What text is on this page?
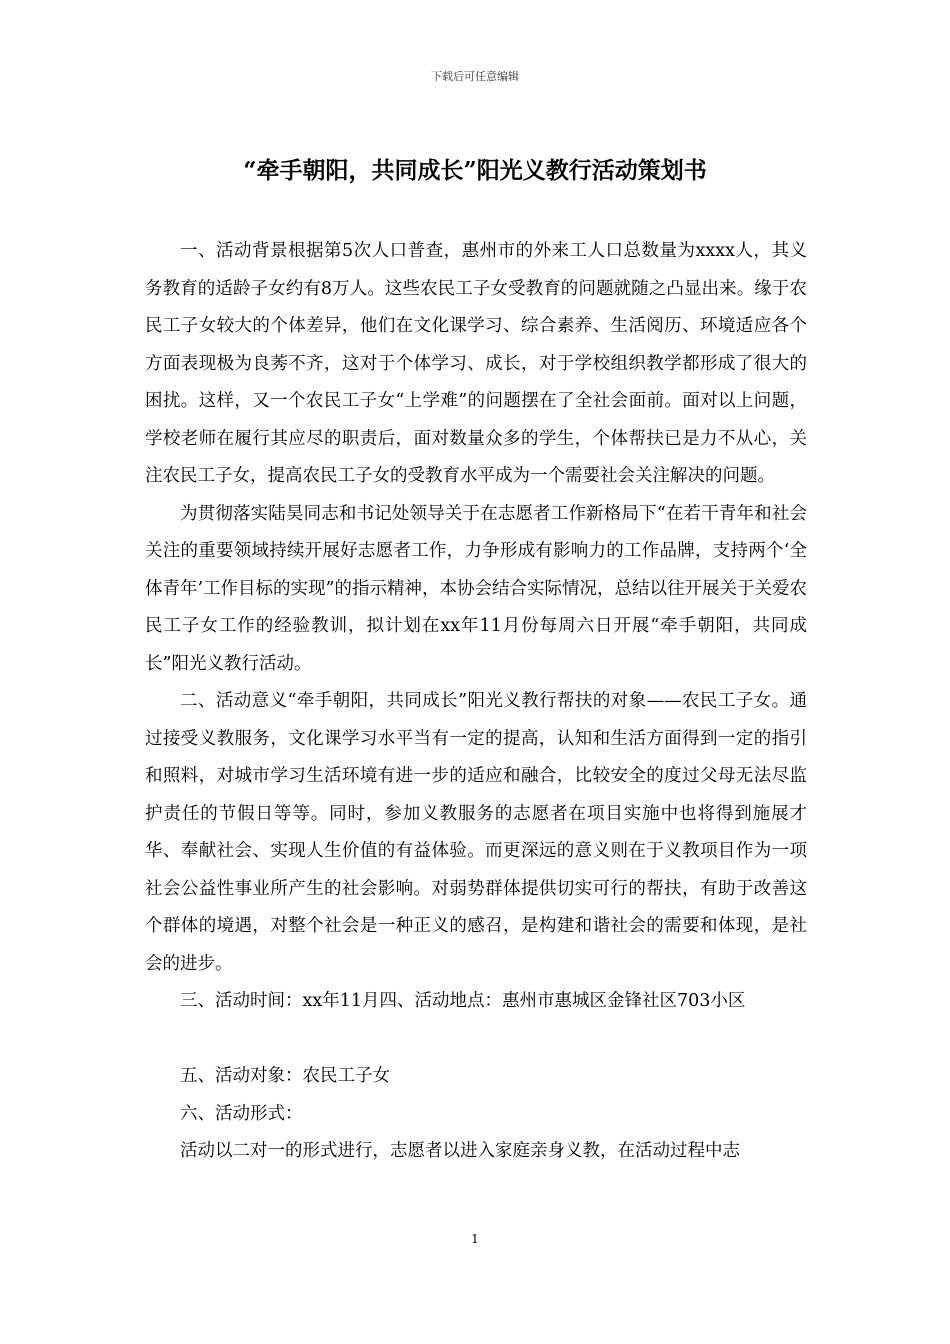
下载后可任意编辑
“牵手朝阳，共同成长”阳光义教行活动策划书

一、活动背景根据第5次人口普查，惠州市的外来工人口总数量为xxxx人，其义务教育的适龄子女约有8万人。这些农民工子女受教育的问题就随之凸显出来。缘于农民工子女较大的个体差异，他们在文化课学习、综合素养、生活阅历、环境适应各个方面表现极为良莠不齐，这对于个体学习、成长，对于学校组织教学都形成了很大的困扰。这样，又一个农民工子女“上学难”的问题摆在了全社会面前。面对以上问题，学校老师在履行其应尽的职责后，面对数量众多的学生，个体帮扶已是力不从心，关注农民工子女，提高农民工子女的受教育水平成为一个需要社会关注解决的问题。

为贯彻落实陆昊同志和书记处领导关于在志愿者工作新格局下“在若干青年和社会关注的重要领域持续开展好志愿者工作，力争形成有影响力的工作品牌，支持两个‘全体青年’工作目标的实现”的指示精神，本协会结合实际情况，总结以往开展关于关爱农民工子女工作的经验教训，拟计划在xx年11月份每周六日开展“牵手朝阳，共同成长”阳光义教行活动。

二、活动意义“牵手朝阳，共同成长”阳光义教行帮扶的对象——农民工子女。通过接受义教服务，文化课学习水平当有一定的提高，认知和生活方面得到一定的指引和照料，对城市学习生活环境有进一步的适应和融合，比较安全的度过父母无法尽监护责任的节假日等等。同时，参加义教服务的志愿者在项目实施中也将得到施展才华、奉献社会、实现人生价值的有益体验。而更深远的意义则在于义教项目作为一项社会公益性事业所产生的社会影响。对弱势群体提供切实可行的帮扶，有助于改善这个群体的境遇，对整个社会是一种正义的感召，是构建和谐社会的需要和体现，是社会的进步。

三、活动时间：xx年11月四、活动地点：惠州市惠城区金锋社区703小区

五、活动对象：农民工子女

六、活动形式：

活动以二对一的形式进行，志愿者以进入家庭亲身义教，在活动过程中志

1
